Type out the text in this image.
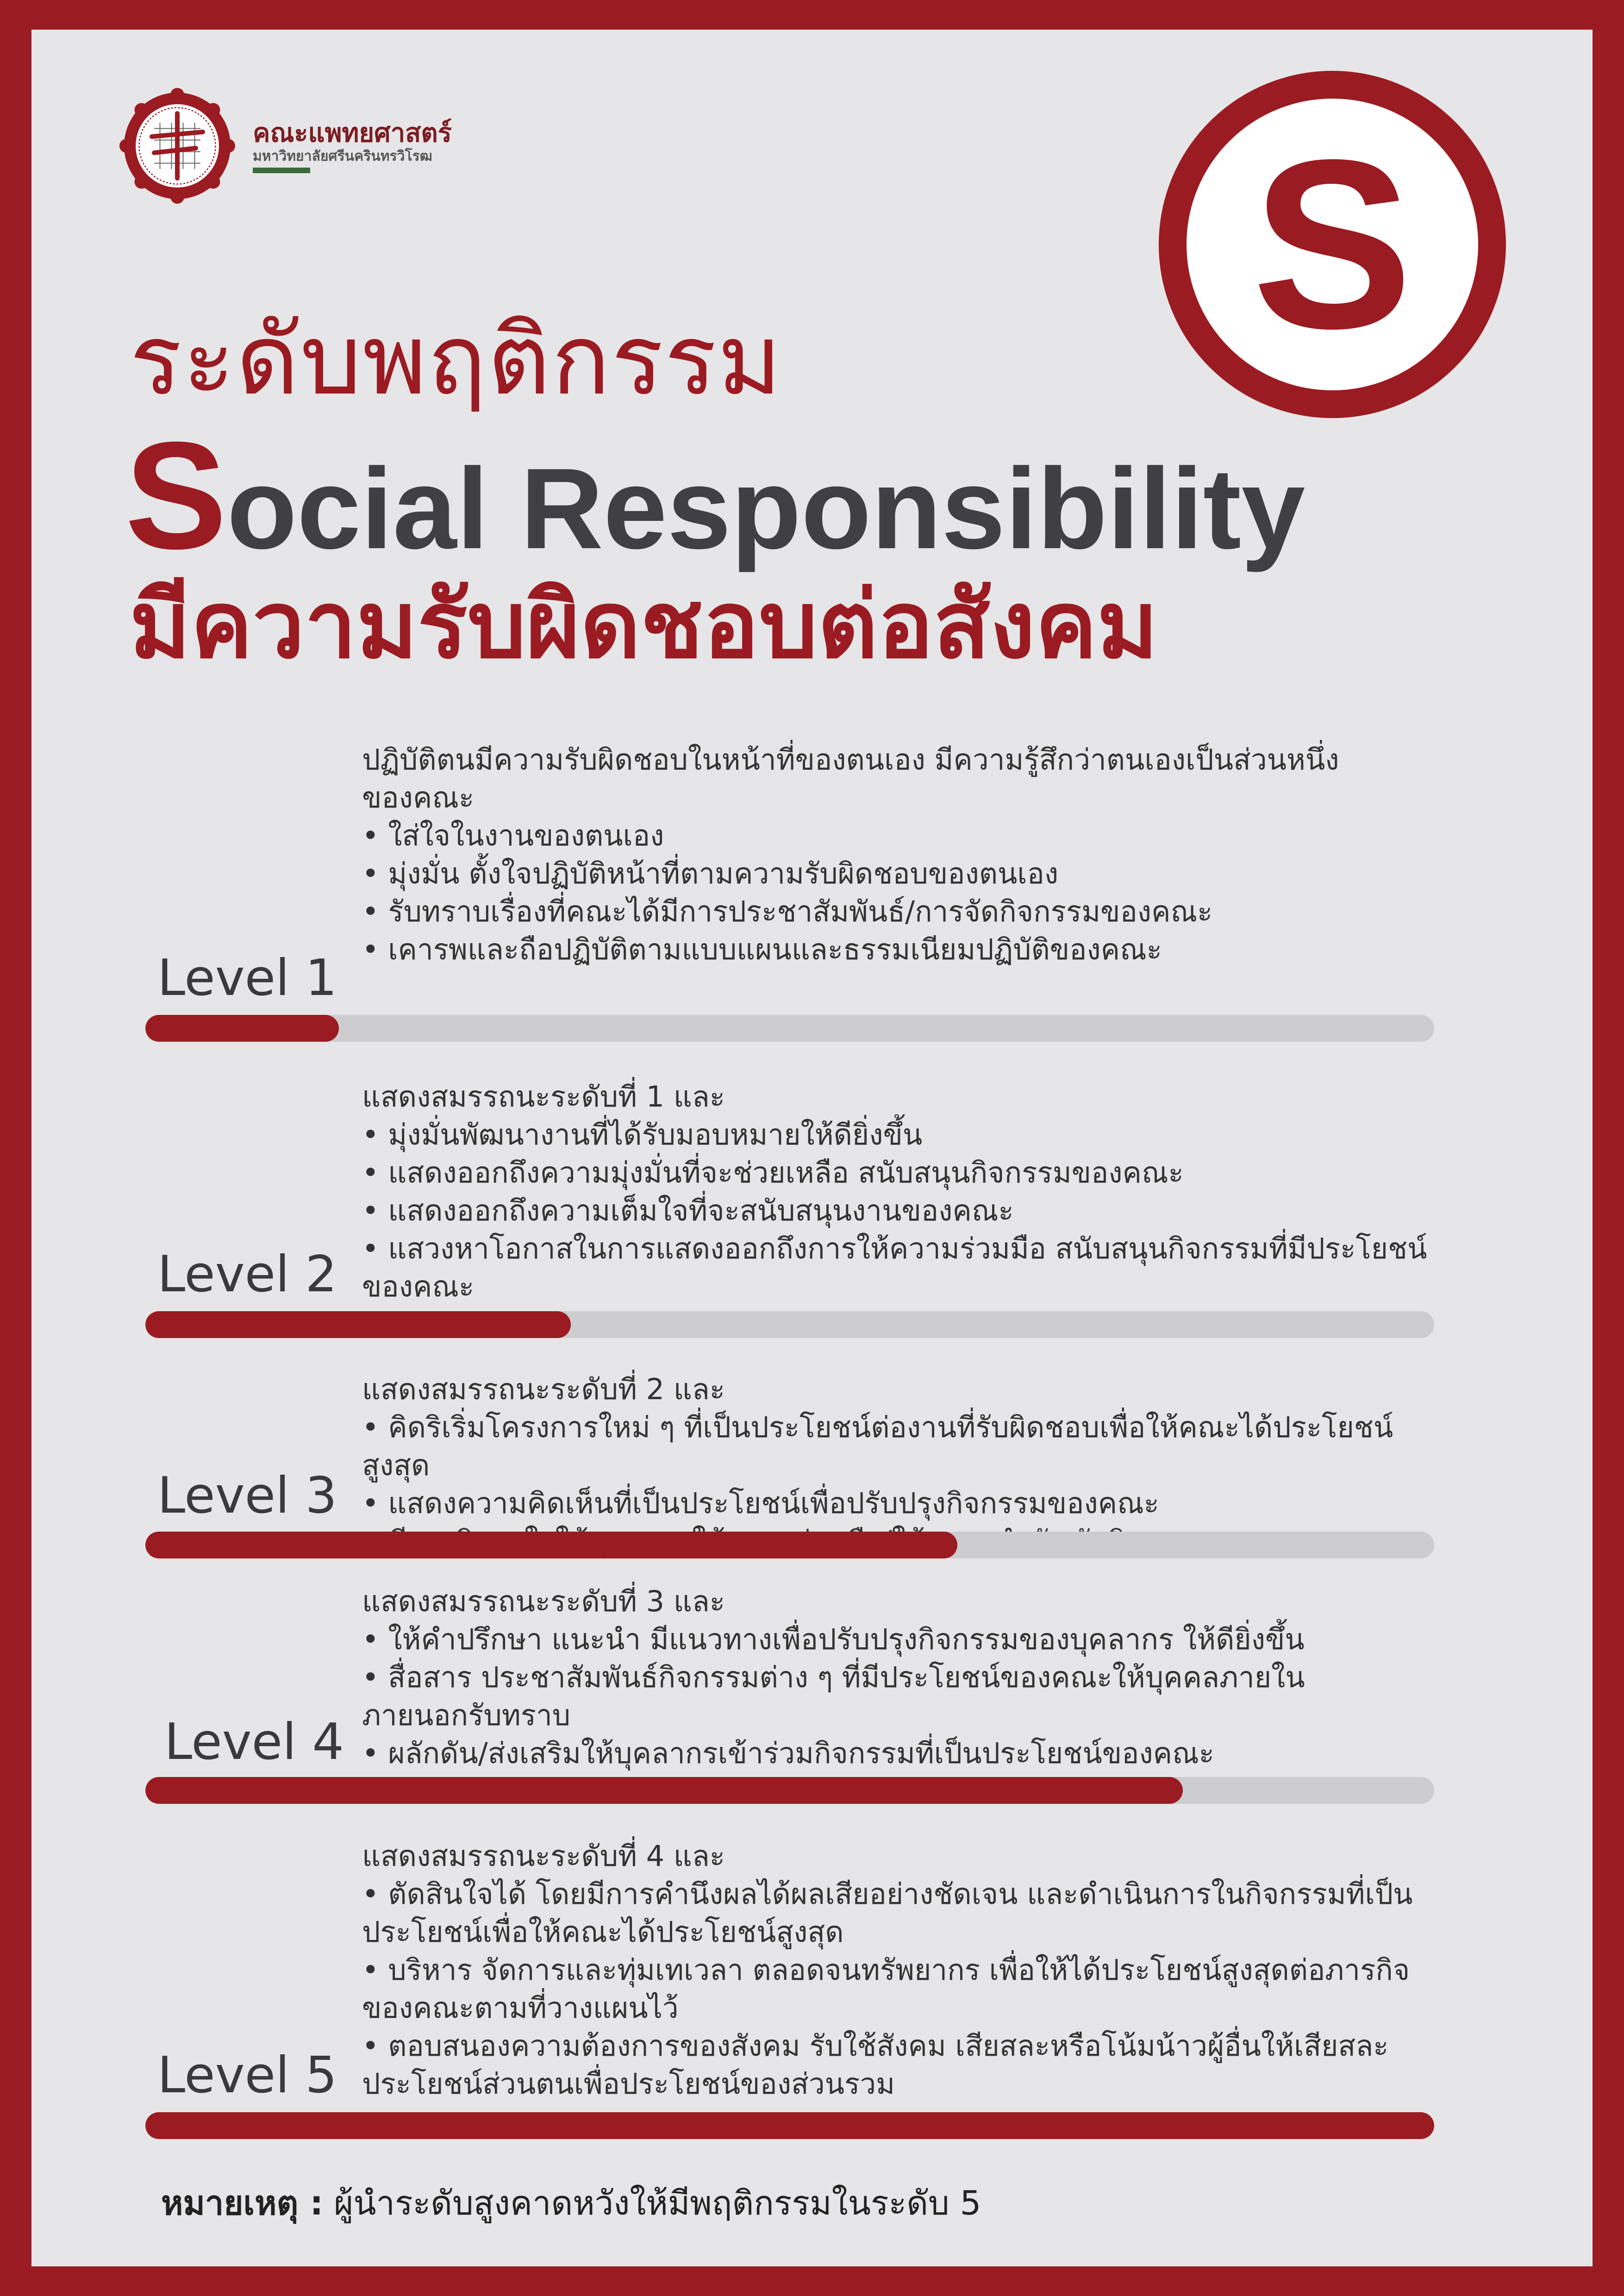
คณะแพทยศาสตร์
มหาวิทยาลัยศรีนครินทรวิโรฒ	S
ระดับพฤติกรรม
Social Responsibility
มีความรับผิดชอบต่อสังคม
ปฏิบัติตนมีความรับผิดชอบในหน้าที่ของตนเอง มีความรู้สึกว่าตนเองเป็นส่วนหนึ่ง
ของคณะ
• ใส่ใจในงานของตนเอง
• มุ่งมั่น ตั้งใจปฏิบัติหน้าที่ตามความรับผิดชอบของตนเอง
• รับทราบเรื่องที่คณะได้มีการประชาสัมพันธ์/การจัดกิจกรรมของคณะ
• เคารพและถือปฏิบัติตามแบบแผนและธรรมเนียมปฏิบัติของคณะ
Level 1
แสดงสมรรถนะระดับที่ 1 และ
• มุ่งมั่นพัฒนางานที่ได้รับมอบหมายให้ดียิ่งขึ้น
• แสดงออกถึงความมุ่งมั่นที่จะช่วยเหลือ สนับสนุนกิจกรรมของคณะ
• แสดงออกถึงความเต็มใจที่จะสนับสนุนงานของคณะ
• แสวงหาโอกาสในการแสดงออกถึงการให้ความร่วมมือ สนับสนุนกิจกรรมที่มีประโยชน์
ของคณะ
Level 2
แสดงสมรรถนะระดับที่ 2 และ
• คิดริเริ่มโครงการใหม่ ๆ ที่เป็นประโยชน์ต่องานที่รับผิดชอบเพื่อให้คณะได้ประโยชน์สูงสุด
• แสดงความคิดเห็นที่เป็นประโยชน์เพื่อปรับปรุงกิจกรรมของคณะ

Level 3
แสดงสมรรถนะระดับที่ 3 และ
• ให้คำปรึกษา แนะนำ มีแนวทางเพื่อปรับปรุงกิจกรรมของบุคลากร ให้ดียิ่งขึ้น
• สื่อสาร ประชาสัมพันธ์กิจกรรมต่าง ๆ ที่มีประโยชน์ของคณะให้บุคคลภายใน
ภายนอกรับทราบ
• ผลักดัน/ส่งเสริมให้บุคลากรเข้าร่วมกิจกรรมที่เป็นประโยชน์ของคณะ
Level 4
แสดงสมรรถนะระดับที่ 4 และ
• ตัดสินใจได้ โดยมีการคำนึงผลได้ผลเสียอย่างชัดเจน และดำเนินการในกิจกรรมที่เป็น
ประโยชน์เพื่อให้คณะได้ประโยชน์สูงสุด
• บริหาร จัดการและทุ่มเทเวลา ตลอดจนทรัพยากร เพื่อให้ได้ประโยชน์สูงสุดต่อภารกิจ
ของคณะตามที่วางแผนไว้
• ตอบสนองความต้องการของสังคม รับใช้สังคม เสียสละหรือโน้มน้าวผู้อื่นให้เสียสละ
ประโยชน์ส่วนตนเพื่อประโยชน์ของส่วนรวม
Level 5
หมายเหตุ : ผู้นำระดับสูงคาดหวังให้มีพฤติกรรมในระดับ 5
